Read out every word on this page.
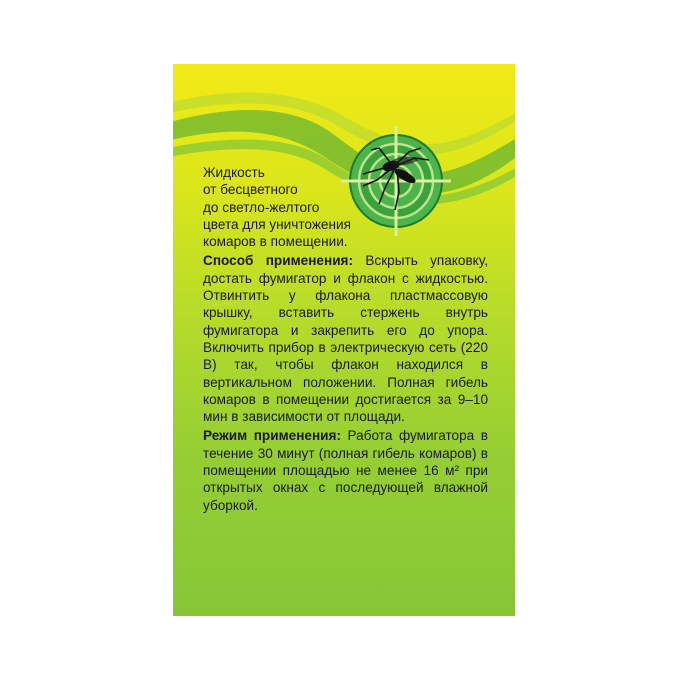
Жидкость
от бесцветного
до светло-желтого
цвета для уничтожения
комаров в помещении.
Способ применения: Вскрыть упаковку, достать фумигатор и флакон с жидкостью. Отвинтить у флакона пластмассовую крышку, вставить стержень внутрь фумигатора и закрепить его до упора. Включить прибор в электрическую сеть (220 В) так, чтобы флакон находился в вертикальном положении. Полная гибель комаров в помещении достигается за 9–10 мин в зависимости от площади.
Режим применения: Работа фумигатора в течение 30 минут (полная гибель комаров) в помещении площадью не менее 16 м² при открытых окнах с последующей влажной уборкой.
